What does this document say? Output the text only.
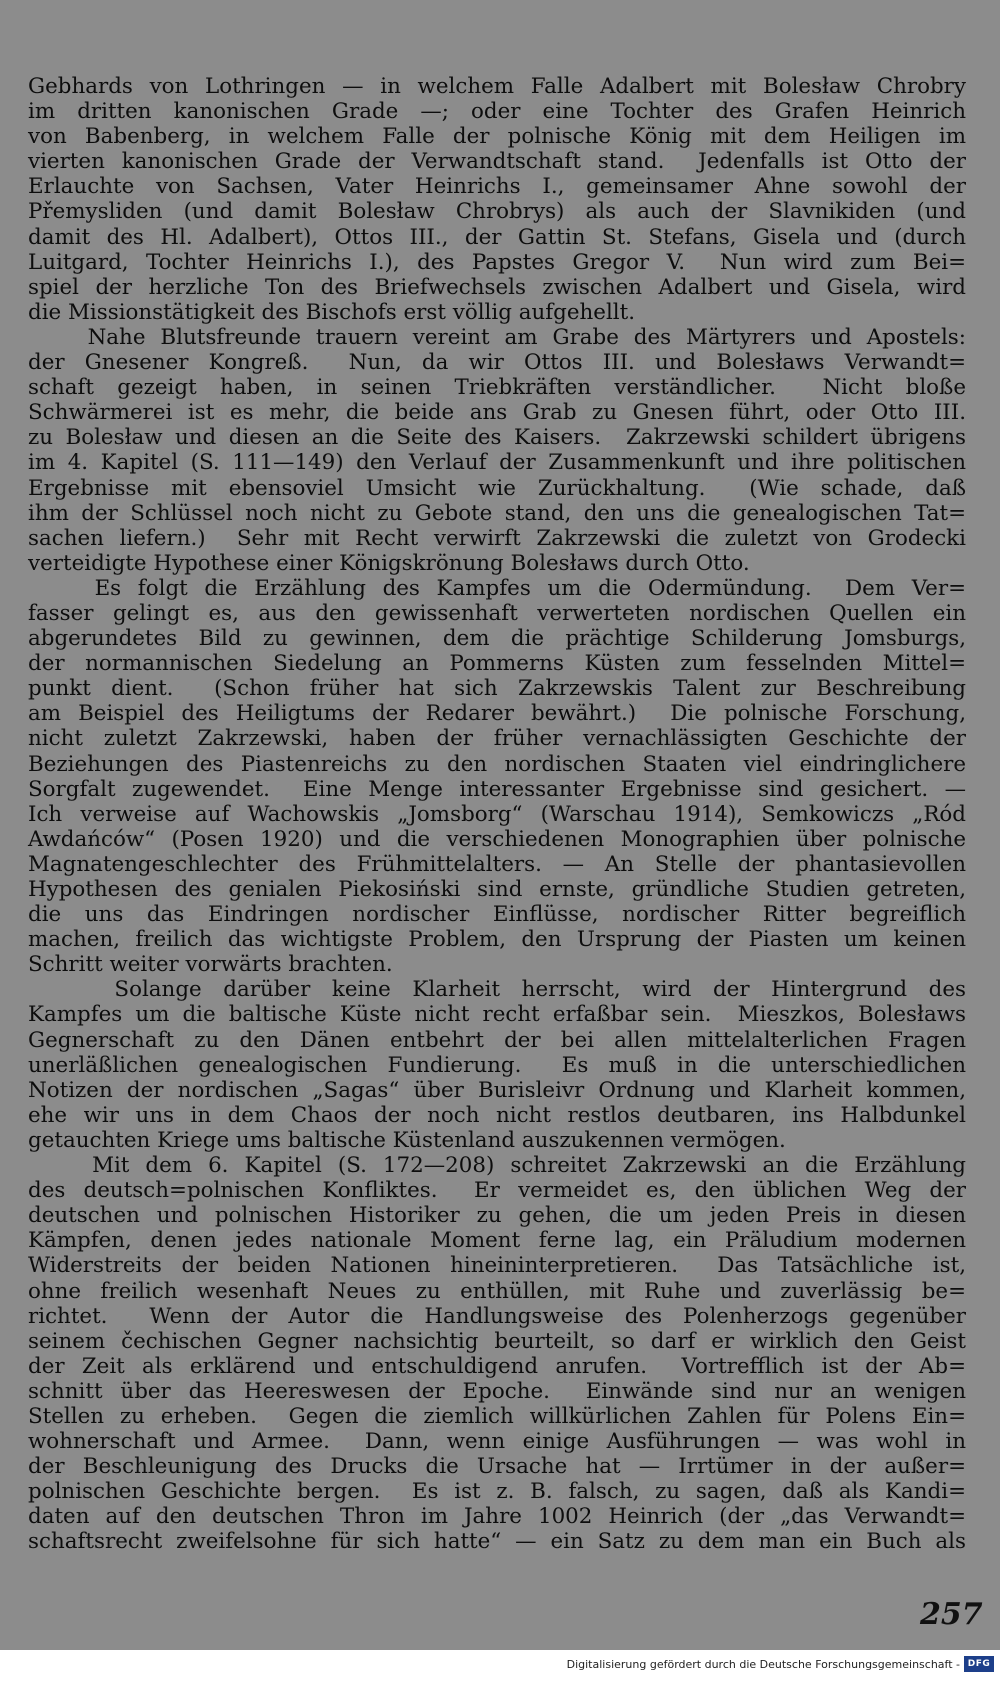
Gebhards von Lothringen — in welchem Falle Adalbert mit Bolesław Chrobry
im dritten kanonischen Grade —; oder eine Tochter des Grafen Heinrich
von Babenberg, in welchem Falle der polnische König mit dem Heiligen im
vierten kanonischen Grade der Verwandtschaft stand.  Jedenfalls ist Otto der
Erlauchte von Sachsen, Vater Heinrichs I., gemeinsamer Ahne sowohl der
Přemysliden (und damit Bolesław Chrobrys) als auch der Slavnikiden (und
damit des Hl. Adalbert), Ottos III., der Gattin St. Stefans, Gisela und (durch
Luitgard, Tochter Heinrichs I.), des Papstes Gregor V.  Nun wird zum Bei=
spiel der herzliche Ton des Briefwechsels zwischen Adalbert und Gisela, wird
die Missionstätigkeit des Bischofs erst völlig aufgehellt.
Nahe Blutsfreunde trauern vereint am Grabe des Märtyrers und Apostels:
der Gnesener Kongreß.  Nun, da wir Ottos III. und Bolesławs Verwandt=
schaft gezeigt haben, in seinen Triebkräften verständlicher.  Nicht bloße
Schwärmerei ist es mehr, die beide ans Grab zu Gnesen führt, oder Otto III.
zu Bolesław und diesen an die Seite des Kaisers.  Zakrzewski schildert übrigens
im 4. Kapitel (S. 111—149) den Verlauf der Zusammenkunft und ihre politischen
Ergebnisse mit ebensoviel Umsicht wie Zurückhaltung.  (Wie schade, daß
ihm der Schlüssel noch nicht zu Gebote stand, den uns die genealogischen Tat=
sachen liefern.)  Sehr mit Recht verwirft Zakrzewski die zuletzt von Grodecki
verteidigte Hypothese einer Königskrönung Bolesławs durch Otto.
Es folgt die Erzählung des Kampfes um die Odermündung.  Dem Ver=
fasser gelingt es, aus den gewissenhaft verwerteten nordischen Quellen ein
abgerundetes Bild zu gewinnen, dem die prächtige Schilderung Jomsburgs,
der normannischen Siedelung an Pommerns Küsten zum fesselnden Mittel=
punkt dient.  (Schon früher hat sich Zakrzewskis Talent zur Beschreibung
am Beispiel des Heiligtums der Redarer bewährt.)  Die polnische Forschung,
nicht zuletzt Zakrzewski, haben der früher vernachlässigten Geschichte der
Beziehungen des Piastenreichs zu den nordischen Staaten viel eindringlichere
Sorgfalt zugewendet.  Eine Menge interessanter Ergebnisse sind gesichert. —
Ich verweise auf Wachowskis „Jomsborg“ (Warschau 1914), Semkowiczs „Ród
Awdańców“ (Posen 1920) und die verschiedenen Monographien über polnische
Magnatengeschlechter des Frühmittelalters. — An Stelle der phantasievollen
Hypothesen des genialen Piekosiński sind ernste, gründliche Studien getreten,
die uns das Eindringen nordischer Einflüsse, nordischer Ritter begreiflich
machen, freilich das wichtigste Problem, den Ursprung der Piasten um keinen
Schritt weiter vorwärts brachten.
Solange darüber keine Klarheit herrscht, wird der Hintergrund des
Kampfes um die baltische Küste nicht recht erfaßbar sein.  Mieszkos, Bolesławs
Gegnerschaft zu den Dänen entbehrt der bei allen mittelalterlichen Fragen
unerläßlichen genealogischen Fundierung.  Es muß in die unterschiedlichen
Notizen der nordischen „Sagas“ über Burisleivr Ordnung und Klarheit kommen,
ehe wir uns in dem Chaos der noch nicht restlos deutbaren, ins Halbdunkel
getauchten Kriege ums baltische Küstenland auszukennen vermögen.
Mit dem 6. Kapitel (S. 172—208) schreitet Zakrzewski an die Erzählung
des deutsch=polnischen Konfliktes.  Er vermeidet es, den üblichen Weg der
deutschen und polnischen Historiker zu gehen, die um jeden Preis in diesen
Kämpfen, denen jedes nationale Moment ferne lag, ein Präludium modernen
Widerstreits der beiden Nationen hineininterpretieren.  Das Tatsächliche ist,
ohne freilich wesenhaft Neues zu enthüllen, mit Ruhe und zuverlässig be=
richtet.  Wenn der Autor die Handlungsweise des Polenherzogs gegenüber
seinem čechischen Gegner nachsichtig beurteilt, so darf er wirklich den Geist
der Zeit als erklärend und entschuldigend anrufen.  Vortrefflich ist der Ab=
schnitt über das Heereswesen der Epoche.  Einwände sind nur an wenigen
Stellen zu erheben.  Gegen die ziemlich willkürlichen Zahlen für Polens Ein=
wohnerschaft und Armee.  Dann, wenn einige Ausführungen — was wohl in
der Beschleunigung des Drucks die Ursache hat — Irrtümer in der außer=
polnischen Geschichte bergen.  Es ist z. B. falsch, zu sagen, daß als Kandi=
daten auf den deutschen Thron im Jahre 1002 Heinrich (der „das Verwandt=
schaftsrecht zweifelsohne für sich hatte“ — ein Satz zu dem man ein Buch als
257
Digitalisierung gefördert durch die Deutsche Forschungsgemeinschaft - DFG
